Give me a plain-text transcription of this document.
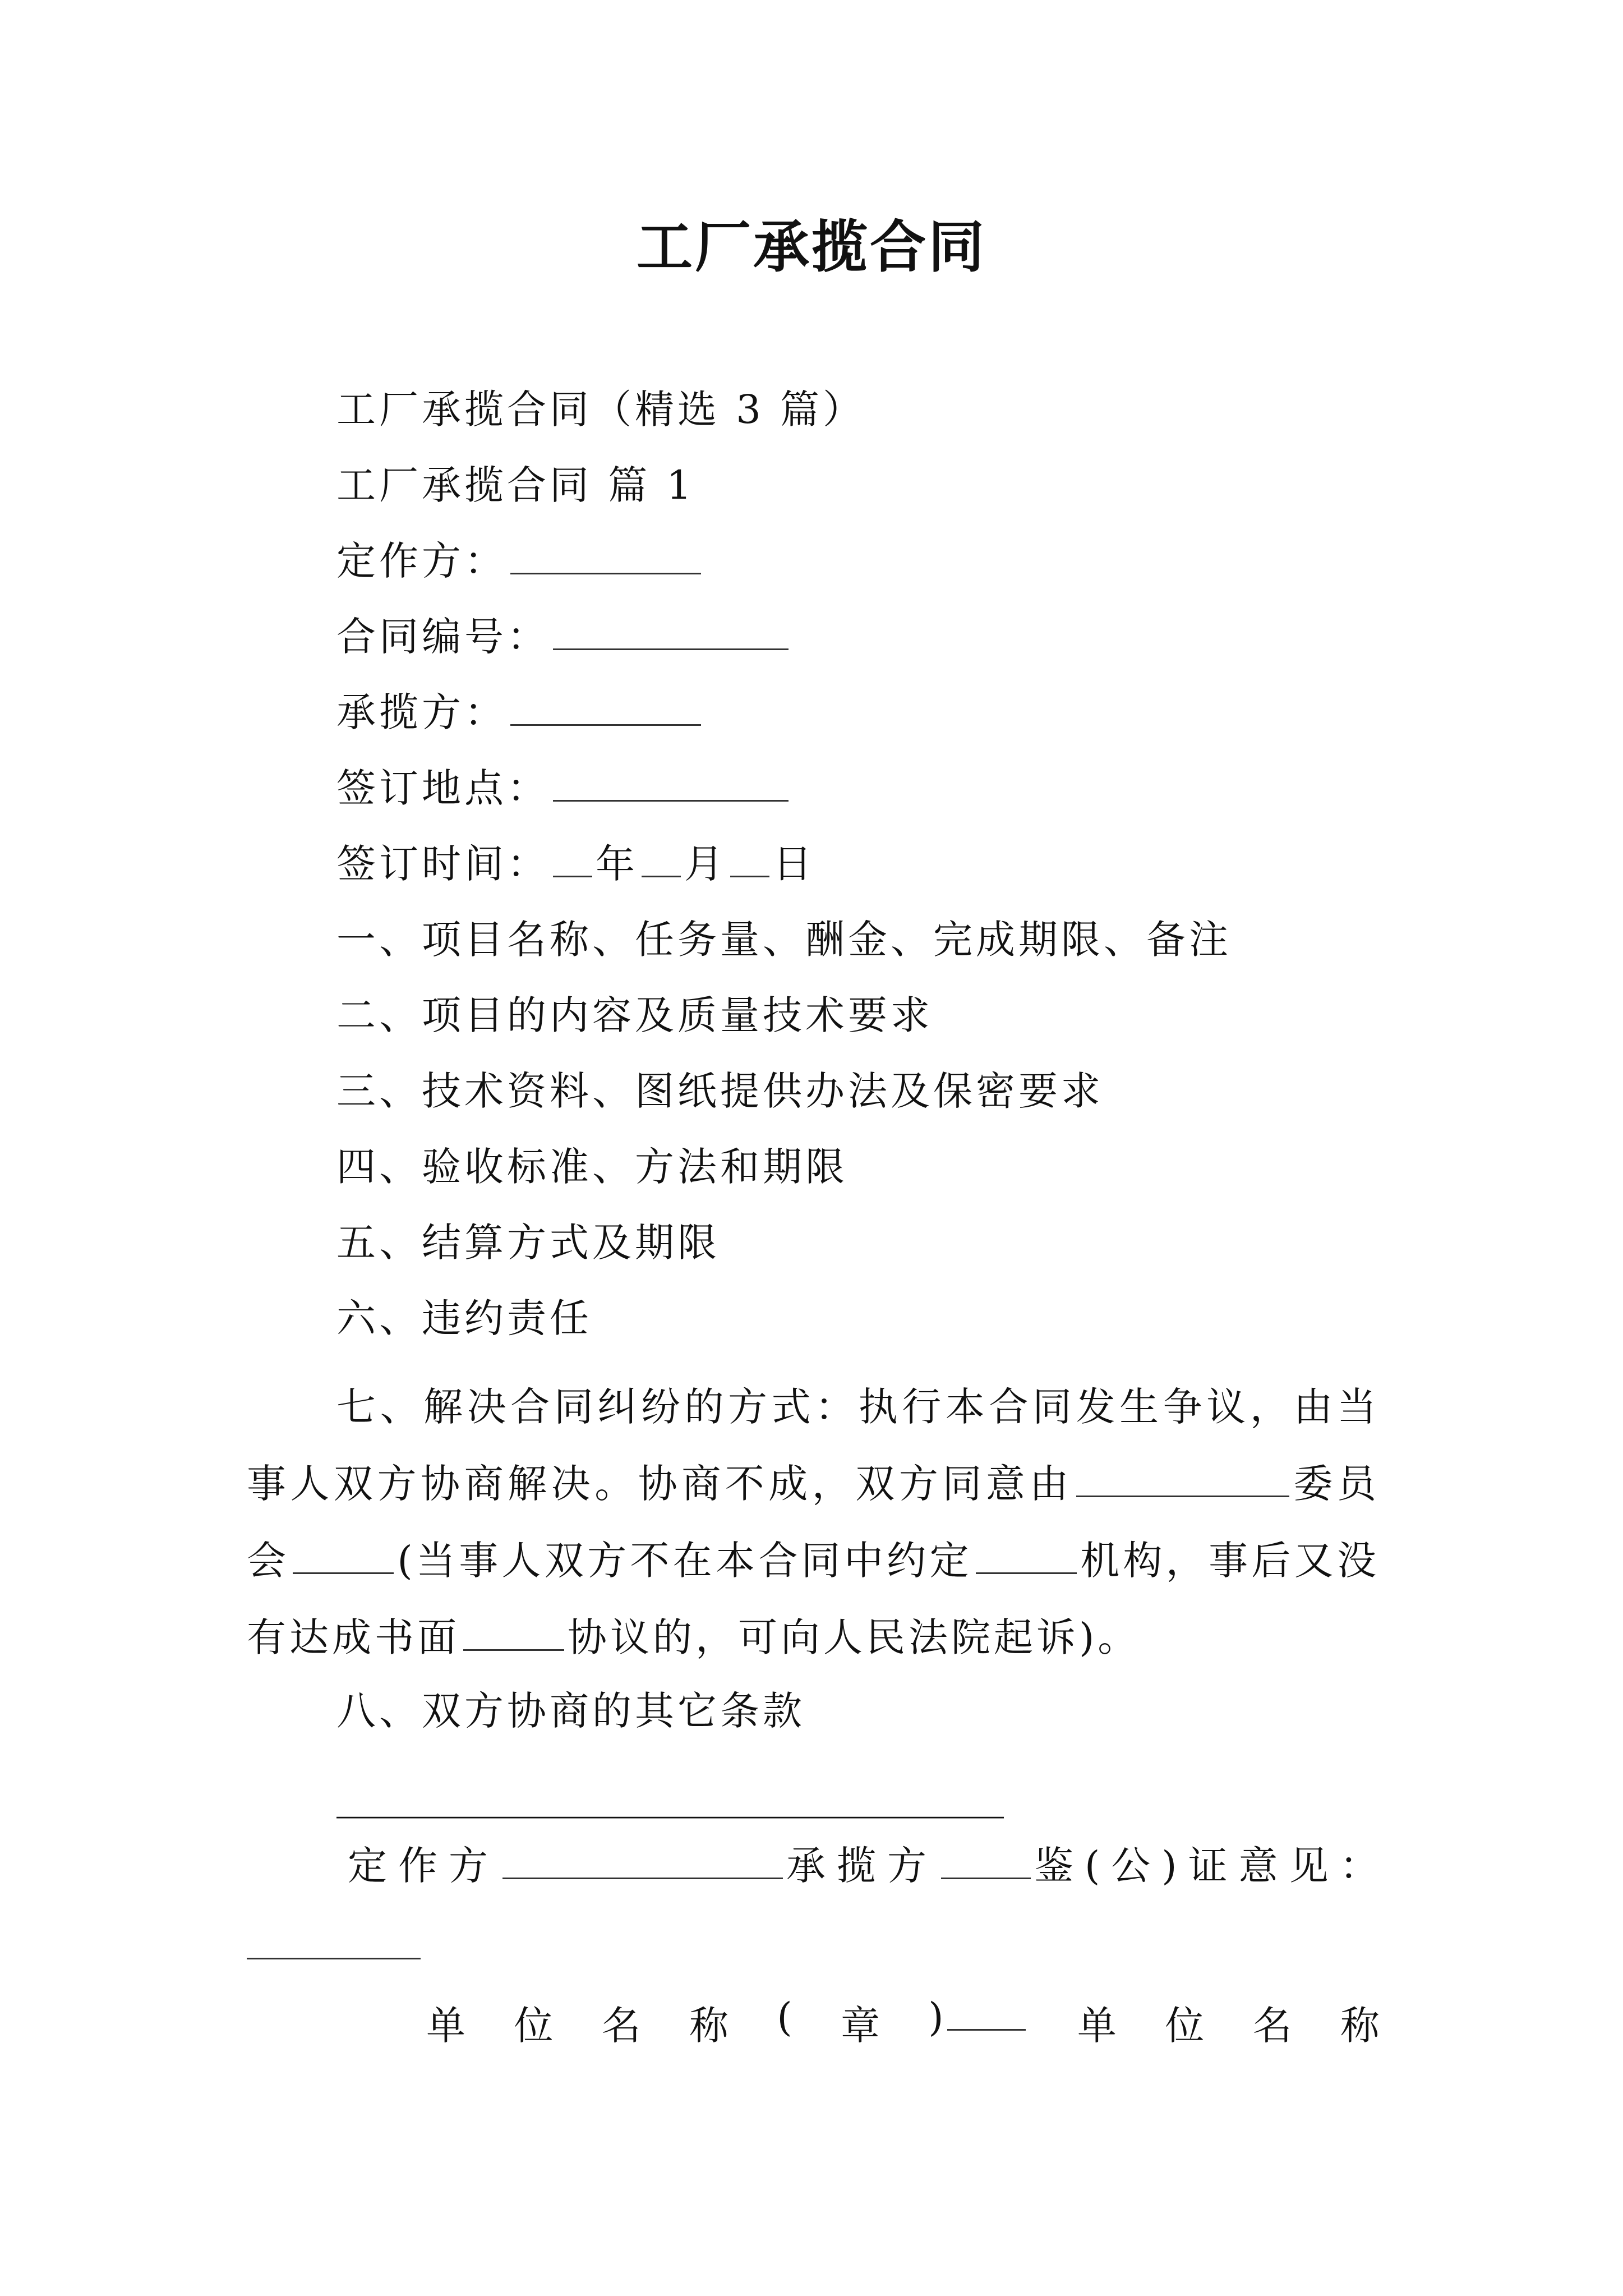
工厂承揽合同
工厂承揽合同（精选 3 篇）
工厂承揽合同 篇 1
定作方：
合同编号：
承揽方：
签订地点：
签订时间： 年 月 日
一、项目名称、任务量、酬金、完成期限、备注
二、项目的内容及质量技术要求
三、技术资料、图纸提供办法及保密要求
四、验收标准、方法和期限
五、结算方式及期限
六、违约责任
七、解决合同纠纷的方式：执行本合同发生争议，由当事人双方协商解决。协商不成，双方同意由	委员会	(当事人双方不在本合同中约定	机构，事后又没有达成书面	协议的，可向人民法院起诉)。
八、双方协商的其它条款
__________________________________
定作方	承揽方 鉴(公)证意见：
单 位 名 称 ( 章 )	单 位 名 称
